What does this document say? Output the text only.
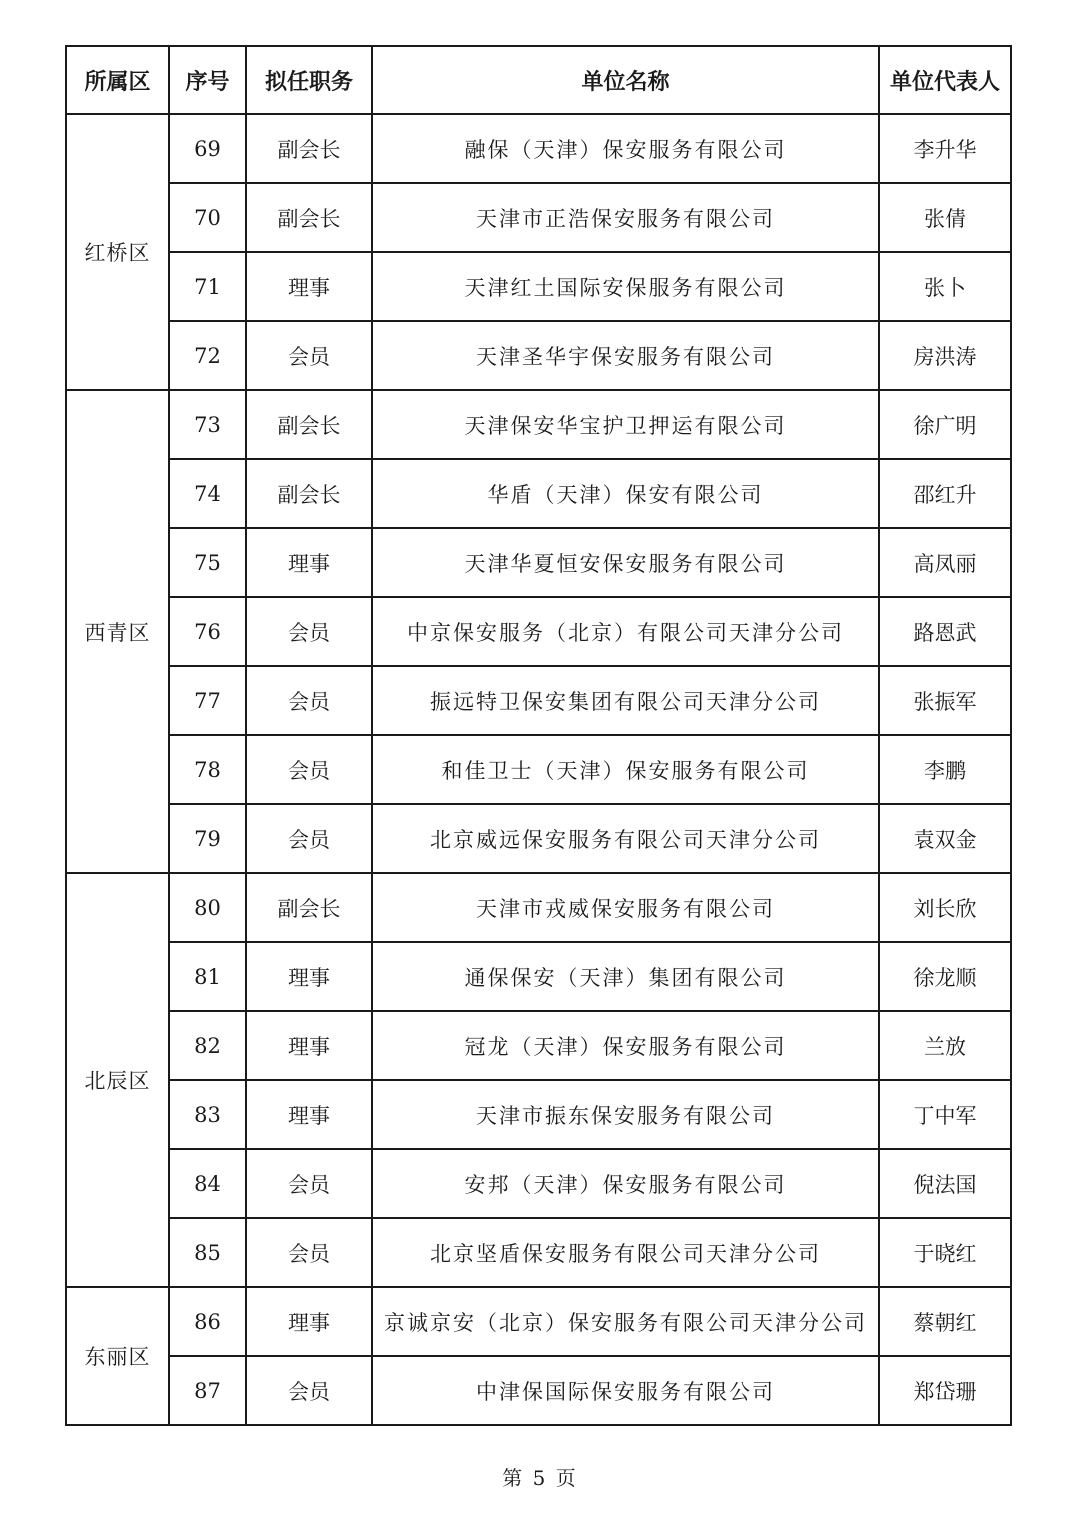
所属区	序号	拟任职务	单位名称	单位代表人
红桥区	69	副会长	融保（天津）保安服务有限公司	李升华
	70	副会长	天津市正浩保安服务有限公司	张倩
	71	理事	天津红土国际安保服务有限公司	张卜
	72	会员	天津圣华宇保安服务有限公司	房洪涛
西青区	73	副会长	天津保安华宝护卫押运有限公司	徐广明
	74	副会长	华盾（天津）保安有限公司	邵红升
	75	理事	天津华夏恒安保安服务有限公司	高凤丽
	76	会员	中京保安服务（北京）有限公司天津分公司	路恩武
	77	会员	振远特卫保安集团有限公司天津分公司	张振军
	78	会员	和佳卫士（天津）保安服务有限公司	李鹏
	79	会员	北京威远保安服务有限公司天津分公司	袁双金
北辰区	80	副会长	天津市戎威保安服务有限公司	刘长欣
	81	理事	通保保安（天津）集团有限公司	徐龙顺
	82	理事	冠龙（天津）保安服务有限公司	兰放
	83	理事	天津市振东保安服务有限公司	丁中军
	84	会员	安邦（天津）保安服务有限公司	倪法国
	85	会员	北京坚盾保安服务有限公司天津分公司	于晓红
东丽区	86	理事	京诚京安（北京）保安服务有限公司天津分公司	蔡朝红
	87	会员	中津保国际保安服务有限公司	郑岱珊
第 5 页
